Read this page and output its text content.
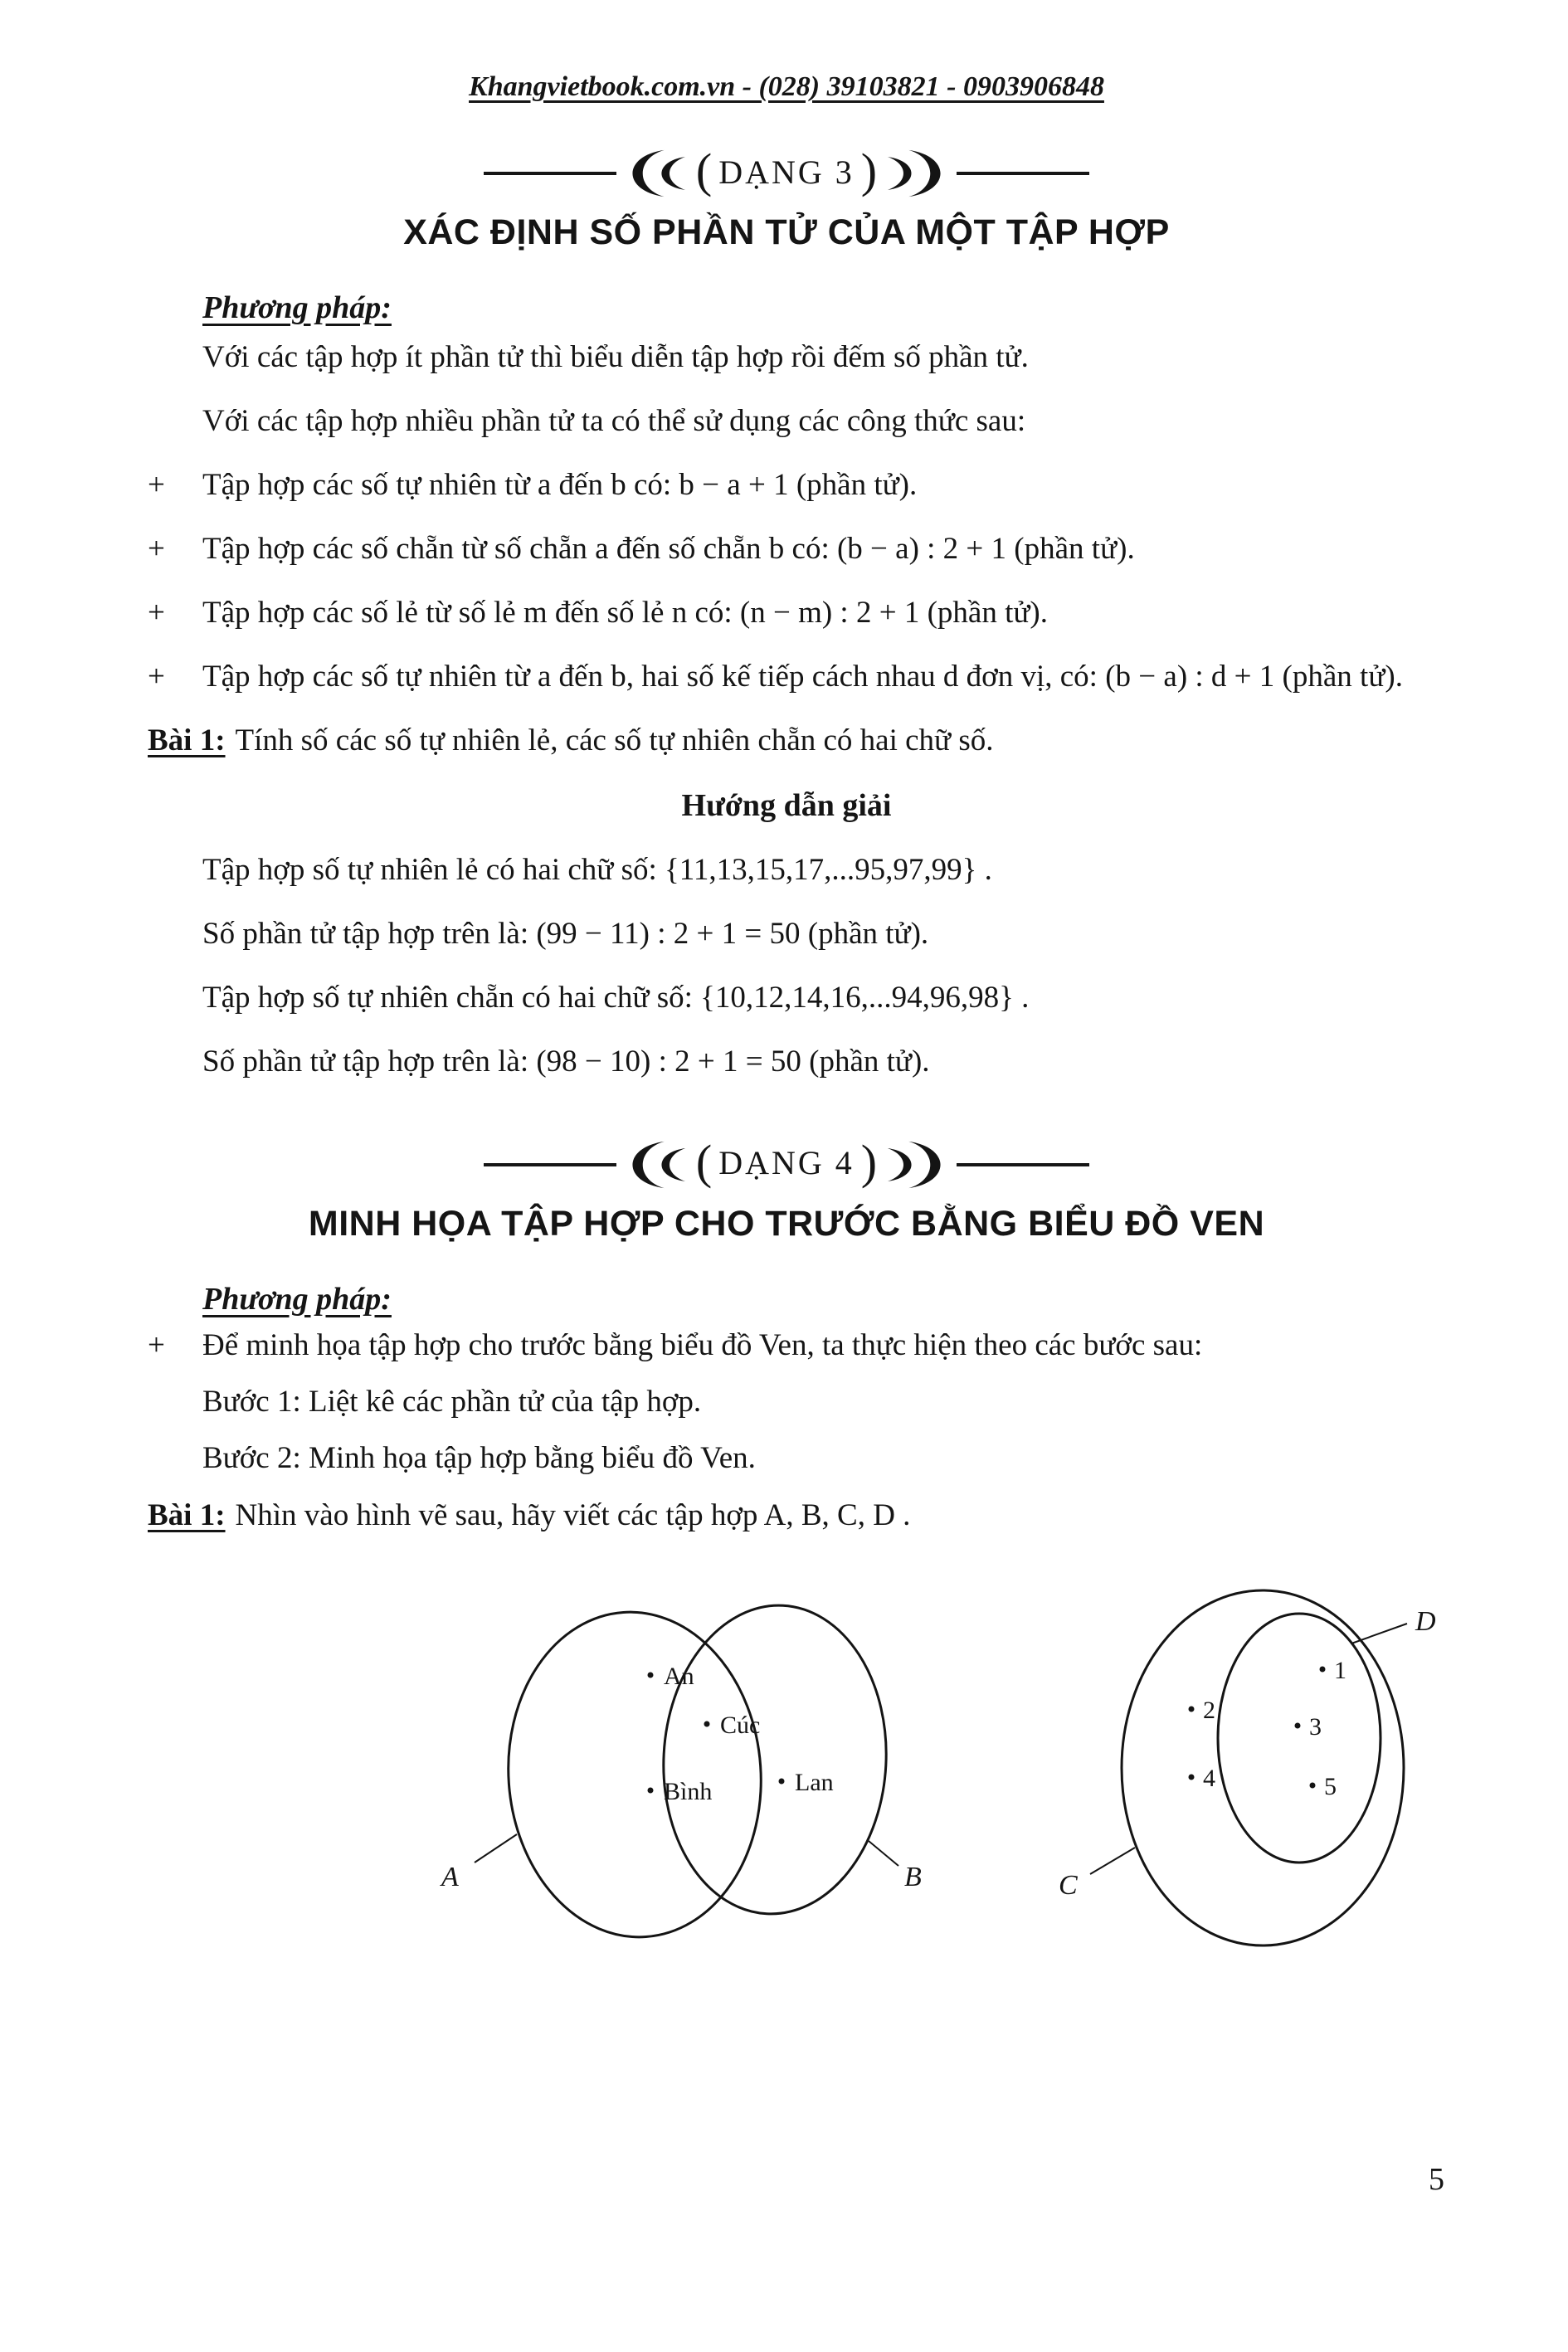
Khangvietbook.com.vn - (028) 39103821 - 0903906848
( DẠNG 3 )
XÁC ĐỊNH SỐ PHẦN TỬ CỦA MỘT TẬP HỢP
Phương pháp:

Với các tập hợp ít phần tử thì biểu diễn tập hợp rồi đếm số phần tử.

Với các tập hợp nhiều phần tử ta có thể sử dụng các công thức sau:

+ Tập hợp các số tự nhiên từ a đến b có: b − a + 1 (phần tử).
+ Tập hợp các số chẵn từ số chẵn a đến số chẵn b có: (b − a) : 2 + 1 (phần tử).
+ Tập hợp các số lẻ từ số lẻ m đến số lẻ n có: (n − m) : 2 + 1 (phần tử).
+ Tập hợp các số tự nhiên từ a đến b, hai số kế tiếp cách nhau d đơn vị, có: (b − a) : d + 1 (phần tử).

Bài 1: Tính số các số tự nhiên lẻ, các số tự nhiên chẵn có hai chữ số.

Hướng dẫn giải

Tập hợp số tự nhiên lẻ có hai chữ số: {11,13,15,17,...95,97,99} .

Số phần tử tập hợp trên là: (99 − 11) : 2 + 1 = 50 (phần tử).

Tập hợp số tự nhiên chẵn có hai chữ số: {10,12,14,16,...94,96,98} .

Số phần tử tập hợp trên là: (98 − 10) : 2 + 1 = 50 (phần tử).

( DẠNG 4 )
MINH HỌA TẬP HỢP CHO TRƯỚC BẰNG BIỂU ĐỒ VEN
Phương pháp:
+ Để minh họa tập hợp cho trước bằng biểu đồ Ven, ta thực hiện theo các bước sau:

Bước 1: Liệt kê các phần tử của tập hợp.

Bước 2: Minh họa tập hợp bằng biểu đồ Ven.

Bài 1: Nhìn vào hình vẽ sau, hãy viết các tập hợp A, B, C, D .

An
Cúc
Bình	Lan
A	B
1
3
5
2
4
D
C
5
